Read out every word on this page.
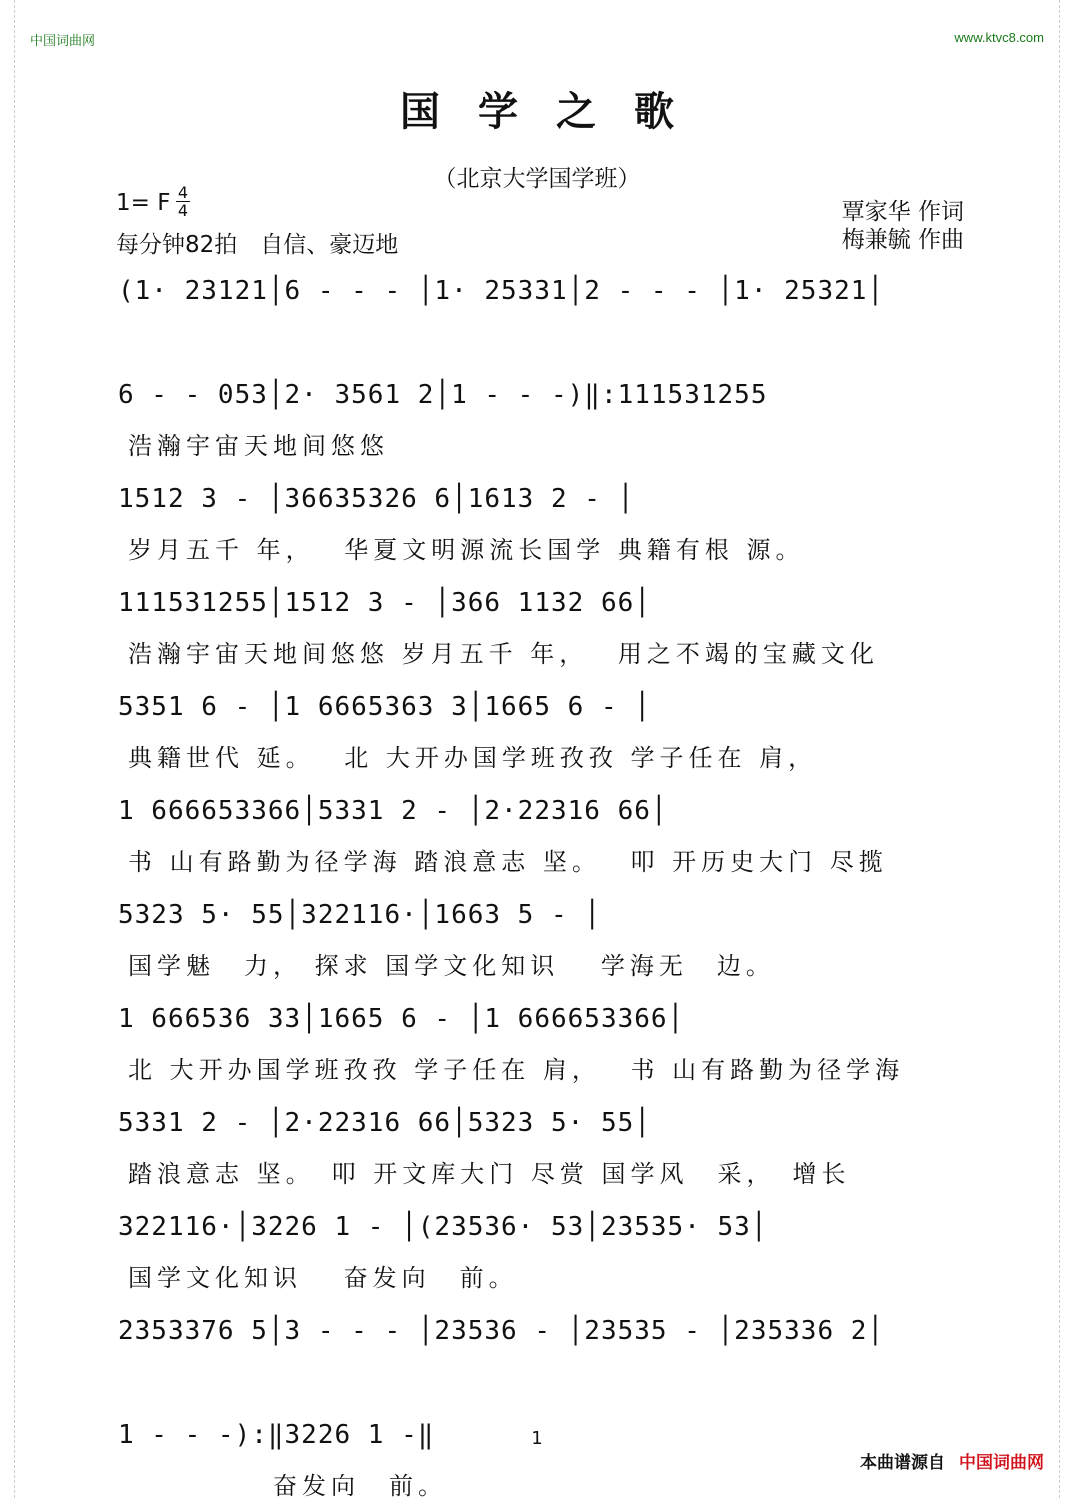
中国词曲网	www.ktvc8.com
国学之歌
（北京大学国学班）
1= F 4
4
每分钟82拍　自信、豪迈地
覃家华 作词
梅兼毓 作曲
(1· 23121│6 - - - │1· 25331│2 - - - │1· 25321│
6 - - 053│2· 3561 2│1 - - -)‖:111531255
浩瀚宇宙天地间悠悠
1512 3 - │36635326 6│1613 2 - │
岁月五千 年，　 华夏文明源流长国学 典籍有根 源。
111531255│1512 3 - │366 1132 66│
浩瀚宇宙天地间悠悠 岁月五千 年，　 用之不竭的宝藏文化
5351 6 - │1 6665363 3│1665 6 - │
典籍世代 延。　 北 大开办国学班孜孜 学子任在 肩，
1 666653366│5331 2 - │2·22316 66│
书 山有路勤为径学海 踏浪意志 坚。　 叩 开历史大门 尽揽
5323 5· 55│322116·│1663 5 - │
国学魅　力， 探求 国学文化知识　 学海无　边。
1 666536 33│1665 6 - │1 666653366│
北 大开办国学班孜孜 学子任在 肩，　 书 山有路勤为径学海
5331 2 - │2·22316 66│5323 5· 55│
踏浪意志 坚。　叩 开文库大门 尽赏 国学风　采，　增长
322116·│3226 1 - │(23536· 53│23535· 53│
国学文化知识　 奋发向　前。
2353376 5│3 - - - │23536 - │23535 - │235336 2│
1 - - -):‖3226 1 -‖
　　　　　奋发向　前。
1
本曲谱源自 中国词曲网
